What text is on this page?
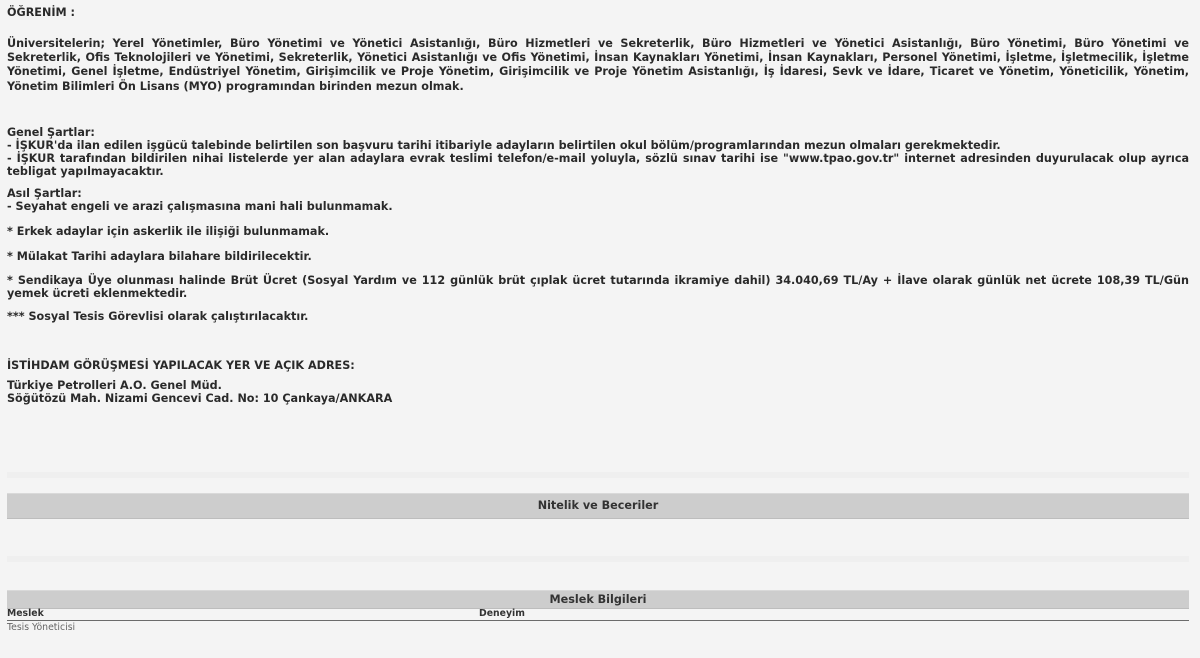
ÖĞRENİM :

Üniversitelerin; Yerel Yönetimler, Büro Yönetimi ve Yönetici Asistanlığı, Büro Hizmetleri ve Sekreterlik, Büro Hizmetleri ve Yönetici Asistanlığı, Büro Yönetimi, Büro Yönetimi ve Sekreterlik, Ofis Teknolojileri ve Yönetimi, Sekreterlik, Yönetici Asistanlığı ve Ofis Yönetimi, İnsan Kaynakları Yönetimi, İnsan Kaynakları, Personel Yönetimi, İşletme, İşletmecilik, İşletme Yönetimi, Genel İşletme, Endüstriyel Yönetim, Girişimcilik ve Proje Yönetim, Girişimcilik ve Proje Yönetim Asistanlığı, İş İdaresi, Sevk ve İdare, Ticaret ve Yönetim, Yöneticilik, Yönetim, Yönetim Bilimleri Ön Lisans (MYO) programından birinden mezun olmak.

Genel Şartlar:

- İŞKUR'da ilan edilen işgücü talebinde belirtilen son başvuru tarihi itibariyle adayların belirtilen okul bölüm/programlarından mezun olmaları gerekmektedir.

- İŞKUR tarafından bildirilen nihai listelerde yer alan adaylara evrak teslimi telefon/e-mail yoluyla, sözlü sınav tarihi ise "www.tpao.gov.tr" internet adresinden duyurulacak olup ayrıca tebligat yapılmayacaktır.

Asıl Şartlar:

- Seyahat engeli ve arazi çalışmasına mani hali bulunmamak.

* Erkek adaylar için askerlik ile ilişiği bulunmamak.

* Mülakat Tarihi adaylara bilahare bildirilecektir.

* Sendikaya Üye olunması halinde Brüt Ücret (Sosyal Yardım ve 112 günlük brüt çıplak ücret tutarında ikramiye dahil) 34.040,69 TL/Ay + İlave olarak günlük net ücrete 108,39 TL/Gün yemek ücreti eklenmektedir.

*** Sosyal Tesis Görevlisi olarak çalıştırılacaktır.

İSTİHDAM GÖRÜŞMESİ YAPILACAK YER VE AÇIK ADRES:

Türkiye Petrolleri A.O. Genel Müd.

Söğütözü Mah. Nizami Gencevi Cad. No: 10 Çankaya/ANKARA

Nitelik ve Beceriler
Meslek Bilgileri
Meslek	Deneyim
Tesis Yöneticisi	
